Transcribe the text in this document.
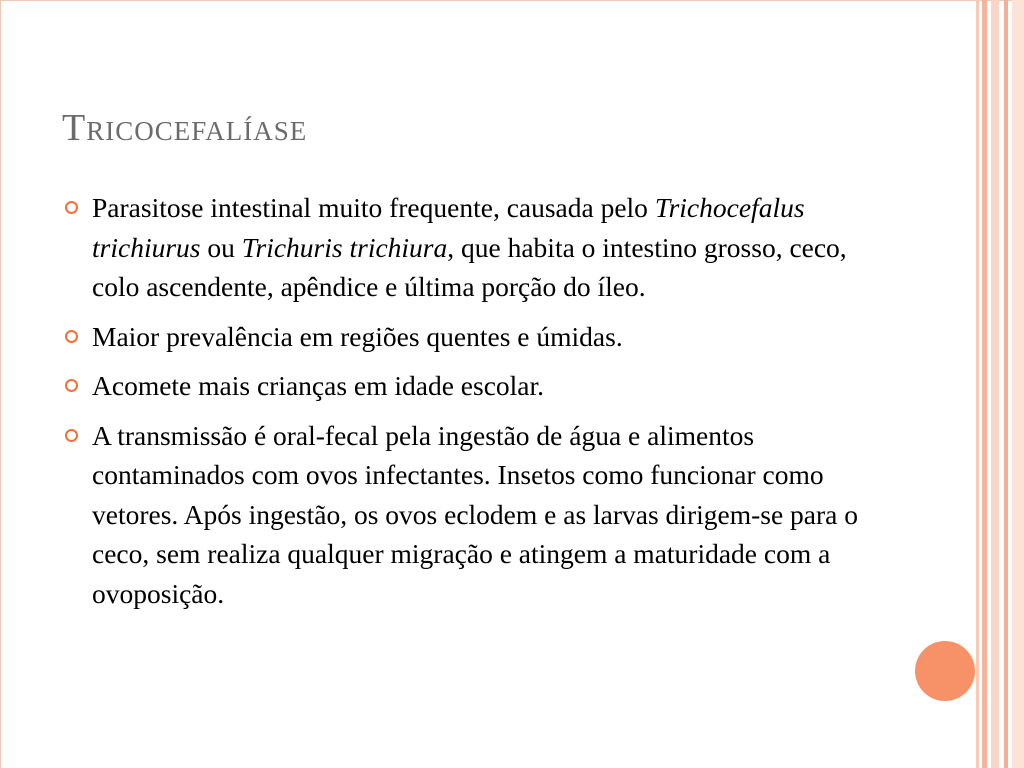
Tricocefalíase
Parasitose intestinal muito frequente, causada pelo Trichocefalus trichiurus ou Trichuris trichiura, que habita o intestino grosso, ceco, colo ascendente, apêndice e última porção do íleo.
Maior prevalência em regiões quentes e úmidas.
Acomete mais crianças em idade escolar.
A transmissão é oral-fecal pela ingestão de água e alimentos contaminados com ovos infectantes. Insetos como funcionar como vetores. Após ingestão, os ovos eclodem e as larvas dirigem-se para o ceco, sem realiza qualquer migração e atingem a maturidade com a ovoposição.
